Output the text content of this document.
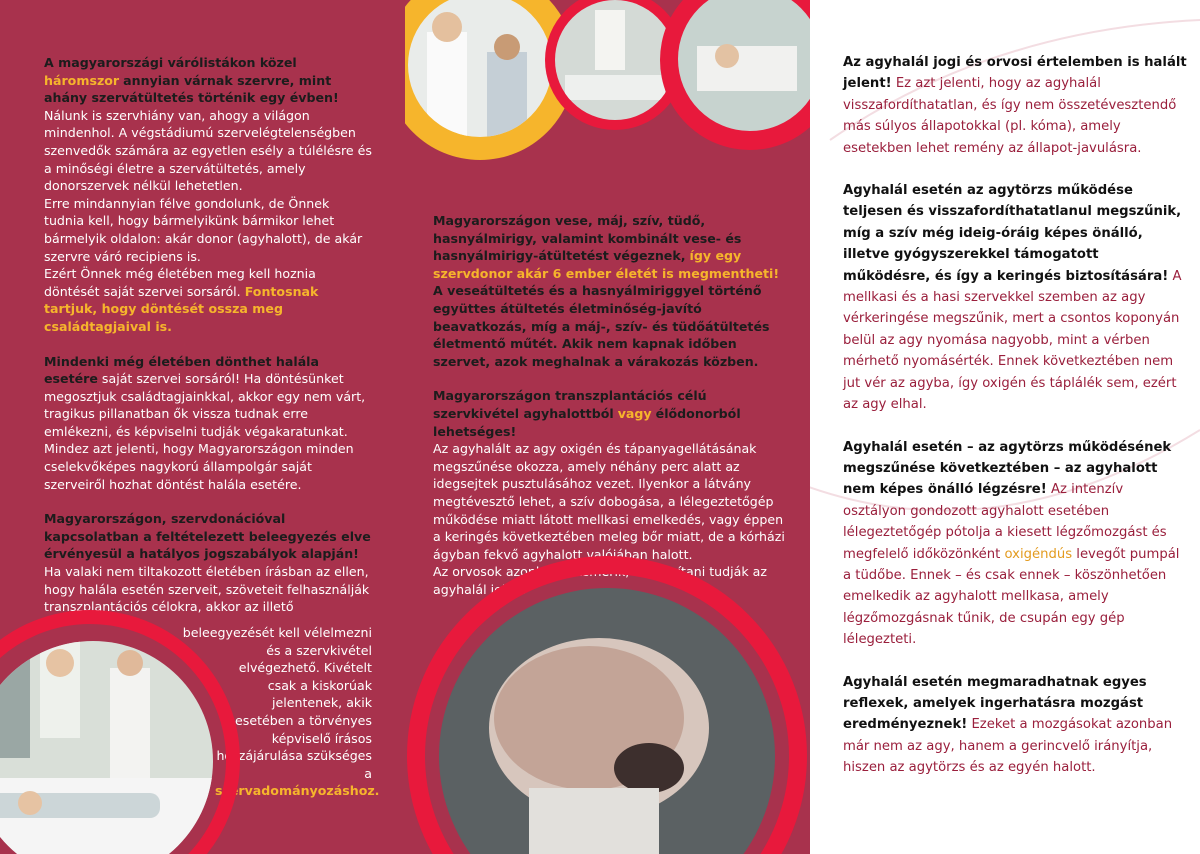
A magyarországi várólistákon közel háromszor annyian várnak szervre, mint ahány szervátültetés történik egy évben!

Nálunk is szervhiány van, ahogy a világon mindenhol. A végstádiumú szervelégtelenségben szenvedők számára az egyetlen esély a túlélésre és a minőségi életre a szervátültetés, amely donorszervek nélkül lehetetlen.

Erre mindannyian félve gondolunk, de Önnek tudnia kell, hogy bármelyikünk bármikor lehet bármelyik oldalon: akár donor (agyhalott), de akár szervre váró recipiens is.

Ezért Önnek még életében meg kell hoznia döntését saját szervei sorsáról. Fontosnak tartjuk, hogy döntését ossza meg családtagjaival is.

Mindenki még életében dönthet halála esetére saját szervei sorsáról! Ha döntésünket megosztjuk családtagjainkkal, akkor egy nem várt, tragikus pillanatban ők vissza tudnak erre emlékezni, és képviselni tudják végakaratunkat.

Mindez azt jelenti, hogy Magyarországon minden cselekvőképes nagykorú állampolgár saját szerveiről hozhat döntést halála esetére.

Magyarországon, szervdonációval kapcsolatban a feltételezett beleegyezés elve érvényesül a hatályos jogszabályok alapján!

Ha valaki nem tiltakozott életében írásban az ellen, hogy halála esetén szerveit, szöveteit felhasználják transzplantációs célokra, akkor az illető

beleegyezését kell vélelmezni

és a szervkivétel elvégezhető. Kivételt csak a kiskorúak jelentenek, akik esetében a törvényes képviselő írásos hozzájárulása szükséges a szervadományozáshoz.

Magyarországon vese, máj, szív, tüdő, hasnyálmirigy, valamint kombinált vese- és hasnyálmirigy-átültetést végeznek, így egy szervdonor akár 6 ember életét is megmentheti!

A veseátültetés és a hasnyálmiriggyel történő együttes átültetés életminőség-javító beavatkozás, míg a máj-, szív- és tüdőátültetés életmentő műtét. Akik nem kapnak időben szervet, azok meghalnak a várakozás közben.

Magyarországon transzplantációs célú szervkivétel agyhalottból vagy élődonorból lehetséges!

Az agyhalált az agy oxigén és tápanyagellátásának megszűnése okozza, amely néhány perc alatt az idegsejtek pusztulásához vezet. Ilyenkor a látvány megtévesztő lehet, a szív dobogása, a lélegeztetőgép működése miatt látott mellkasi emelkedés, vagy éppen a keringés következtében meleg bőr miatt, de a kórházi ágyban fekvő agyhalott valójában halott.

Az orvosok azonban felismerik, azonosítani tudják az agyhalál jeleit.

Az agyhalál jogi és orvosi értelemben is halált jelent! Ez azt jelenti, hogy az agyhalál visszafordíthatatlan, és így nem összetévesztendő más súlyos állapotokkal (pl. kóma), amely esetekben lehet remény az állapot-javulásra.

Agyhalál esetén az agytörzs működése teljesen és visszafordíthatatlanul megszűnik, míg a szív még ideig-óráig képes önálló, illetve gyógyszerekkel támogatott működésre, és így a keringés biztosítására! A mellkasi és a hasi szervekkel szemben az agy vérkeringése megszűnik, mert a csontos koponyán belül az agy nyomása nagyobb, mint a vérben mérhető nyomásérték. Ennek következtében nem jut vér az agyba, így oxigén és táplálék sem, ezért az agy elhal.

Agyhalál esetén – az agytörzs működésének megszűnése következtében – az agyhalott nem képes önálló légzésre! Az intenzív osztályon gondozott agyhalott esetében lélegeztetőgép pótolja a kiesett légzőmozgást és megfelelő időközönként oxigéndús levegőt pumpál a tüdőbe. Ennek – és csak ennek – köszönhetően emelkedik az agyhalott mellkasa, amely légzőmozgásnak tűnik, de csupán egy gép lélegezteti.

Agyhalál esetén megmaradhatnak egyes reflexek, amelyek ingerhatásra mozgást eredményeznek! Ezeket a mozgásokat azonban már nem az agy, hanem a gerincvelő irányítja, hiszen az agytörzs és az egyén halott.
